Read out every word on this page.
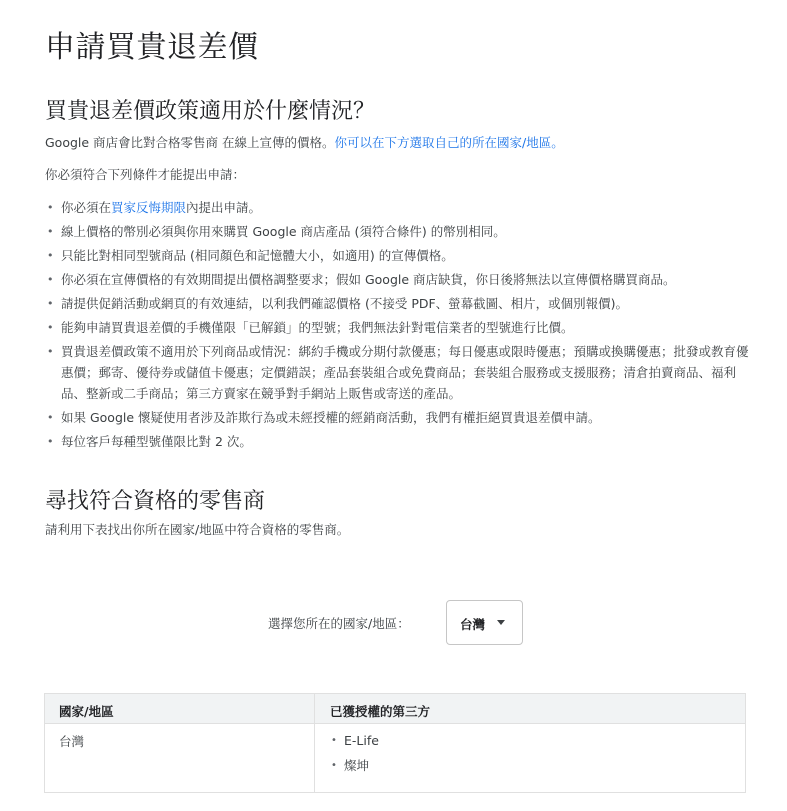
申請買貴退差價
買貴退差價政策適用於什麼情況？

Google 商店會比對合格零售商 在線上宣傳的價格。你可以在下方選取自己的所在國家/地區。

你必須符合下列條件才能提出申請：

• 你必須在買家反悔期限內提出申請。
• 線上價格的幣別必須與你用來購買 Google 商店產品 (須符合條件) 的幣別相同。
• 只能比對相同型號商品 (相同顏色和記憶體大小，如適用) 的宣傳價格。
• 你必須在宣傳價格的有效期間提出價格調整要求；假如 Google 商店缺貨，你日後將無法以宣傳價格購買商品。
• 請提供促銷活動或網頁的有效連結，以利我們確認價格 (不接受 PDF、螢幕截圖、相片，或個別報價)。
• 能夠申請買貴退差價的手機僅限「已解鎖」的型號；我們無法針對電信業者的型號進行比價。
• 買貴退差價政策不適用於下列商品或情況：綁約手機或分期付款優惠；每日優惠或限時優惠；預購或換購優惠；批發或教育優惠價；郵寄、優待券或儲值卡優惠；定價錯誤；產品套裝組合或免費商品；套裝組合服務或支援服務；清倉拍賣商品、福利品、整新或二手商品；第三方賣家在競爭對手網站上販售或寄送的產品。
• 如果 Google 懷疑使用者涉及詐欺行為或未經授權的經銷商活動，我們有權拒絕買貴退差價申請。
• 每位客戶每種型號僅限比對 2 次。
尋找符合資格的零售商

請利用下表找出你所在國家/地區中符合資格的零售商。

選擇您所在的國家/地區：	台灣
國家/地區	已獲授權的第三方
台灣
•	E-Life
• 燦坤
